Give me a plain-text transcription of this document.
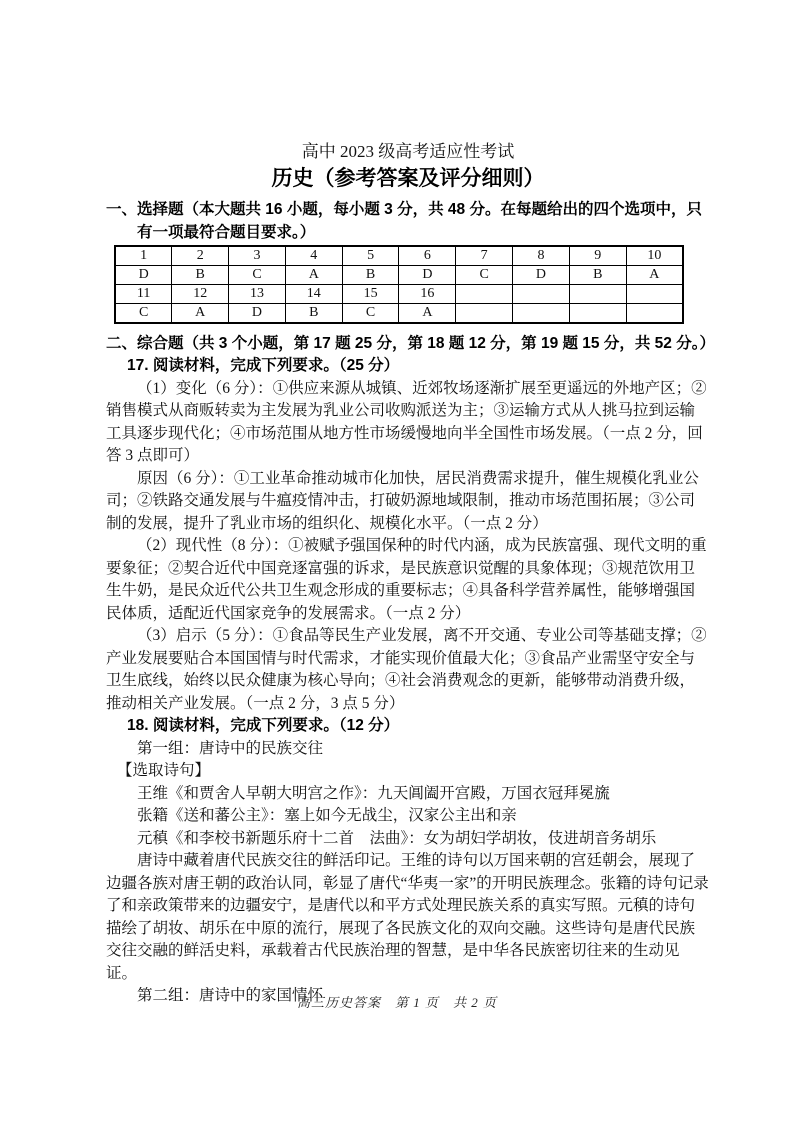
高中 2023 级高考适应性考试
历史（参考答案及评分细则）
一、选择题（本大题共 16 小题，每小题 3 分，共 48 分。在每题给出的四个选项中，只有一项最符合题目要求。）
1	2	3	4	5	6	7	8	9	10
D	B	C	A	B	D	C	D	B	A
11	12	13	14	15	16				
C	A	D	B	C	A				
二、综合题（共 3 个小题，第 17 题 25 分，第 18 题 12 分，第 19 题 15 分，共 52 分。）
17. 阅读材料，完成下列要求。（25 分）

（1）变化（6 分）：①供应来源从城镇、近郊牧场逐渐扩展至更遥远的外地产区；②销售模式从商贩转卖为主发展为乳业公司收购派送为主；③运输方式从人挑马拉到运输工具逐步现代化；④市场范围从地方性市场缓慢地向半全国性市场发展。（一点 2 分，回答 3 点即可）

原因（6 分）：①工业革命推动城市化加快，居民消费需求提升，催生规模化乳业公司；②铁路交通发展与牛瘟疫情冲击，打破奶源地域限制，推动市场范围拓展；③公司制的发展，提升了乳业市场的组织化、规模化水平。（一点 2 分）

（2）现代性（8 分）：①被赋予强国保种的时代内涵，成为民族富强、现代文明的重要象征；②契合近代中国竞逐富强的诉求，是民族意识觉醒的具象体现；③规范饮用卫生牛奶，是民众近代公共卫生观念形成的重要标志；④具备科学营养属性，能够增强国民体质，适配近代国家竞争的发展需求。（一点 2 分）

（3）启示（5 分）：①食品等民生产业发展，离不开交通、专业公司等基础支撑；②产业发展要贴合本国国情与时代需求，才能实现价值最大化；③食品产业需坚守安全与卫生底线，始终以民众健康为核心导向；④社会消费观念的更新，能够带动消费升级，推动相关产业发展。（一点 2 分，3 点 5 分）

18. 阅读材料，完成下列要求。（12 分）

第一组：唐诗中的民族交往

【选取诗句】

王维《和贾舍人早朝大明宫之作》：九天阊阖开宫殿，万国衣冠拜冕旒

张籍《送和蕃公主》：塞上如今无战尘，汉家公主出和亲

元稹《和李校书新题乐府十二首　法曲》：女为胡妇学胡妆，伎进胡音务胡乐

唐诗中藏着唐代民族交往的鲜活印记。王维的诗句以万国来朝的宫廷朝会，展现了边疆各族对唐王朝的政治认同，彰显了唐代“华夷一家”的开明民族理念。张籍的诗句记录了和亲政策带来的边疆安宁，是唐代以和平方式处理民族关系的真实写照。元稹的诗句描绘了胡妆、胡乐在中原的流行，展现了各民族文化的双向交融。这些诗句是唐代民族交往交融的鲜活史料，承载着古代民族治理的智慧，是中华各民族密切往来的生动见证。

第二组：唐诗中的家国情怀

高三历史答案　第 1 页　共 2 页
